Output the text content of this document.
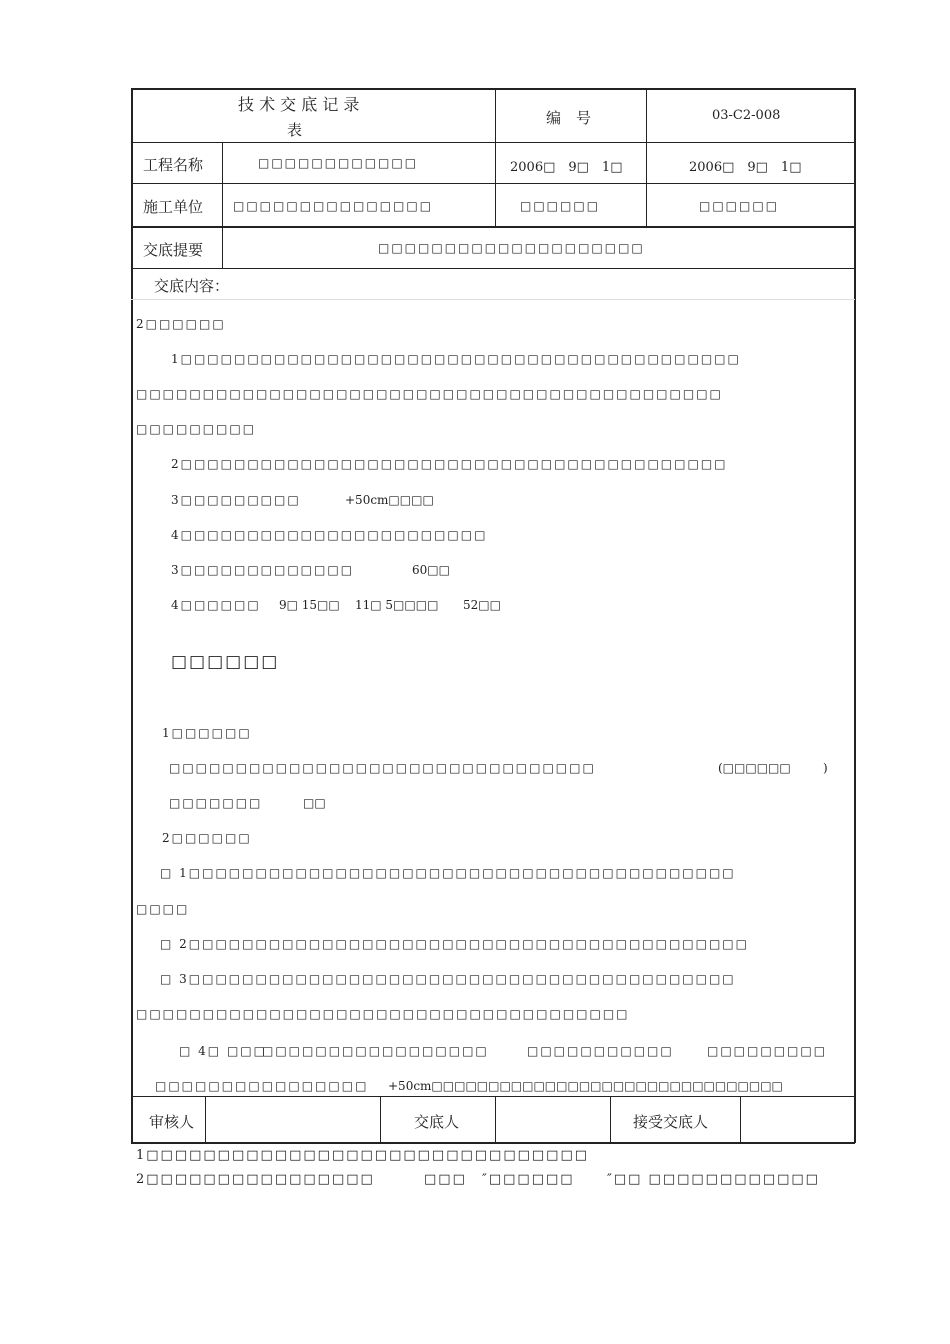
技 术 交 底 记 录
表
编　号	03-C2-008
工程名称	□□□□□□□□□□□□	2006□　9□　1□	2006□　9□　1□
施工单位 □□□□□□□□□□□□□□□	□□□□□□	□□□□□□
交底提要	□□□□□□□□□□□□□□□□□□□□
交底内容：
2□□□□□□
1□□□□□□□□□□□□□□□□□□□□□□□□□□□□□□□□□□□□□□□□□□
□□□□□□□□□□□□□□□□□□□□□□□□□□□□□□□□□□□□□□□□□□□□
□□□□□□□□□
2□□□□□□□□□□□□□□□□□□□□□□□□□□□□□□□□□□□□□□□□□
3□□□□□□□□□	+50cm□□□□
4□□□□□□□□□□□□□□□□□□□□□□□
3□□□□□□□□□□□□□	60□□
4□□□□□□ 9□ 15□□ 11□ 5□□□□ 52□□
□□□□□□
1□□□□□□
□□□□□□□□□□□□□□□□□□□□□□□□□□□□□□□□	(□□□□□□	)
□□□□□□□	□□
2□□□□□□
□ 1□□□□□□□□□□□□□□□□□□□□□□□□□□□□□□□□□□□□□□□□□
□□□□
□ 2□□□□□□□□□□□□□□□□□□□□□□□□□□□□□□□□□□□□□□□□□□
□ 3□□□□□□□□□□□□□□□□□□□□□□□□□□□□□□□□□□□□□□□□□
□□□□□□□□□□□□□□□□□□□□□□□□□□□□□□□□□□□□□
□ 4□ □□□
□□□□□□□□□□□□□□□□□	□□□□□□□□□□□	□□□□□□□□□
□□□□□□□□□□□□□□□□ +50cm□□□□□□□□□□□□□□□□□□□□□□□□□□□□□□□
审核人	交底人	接受交底人
1□□□□□□□□□□□□□□□□□□□□□□□□□□□□□□□
2□□□□□□□□□□□□□□□□	□□□ ″□□□□□□ ″□□ □□□□□□□□□□□□
